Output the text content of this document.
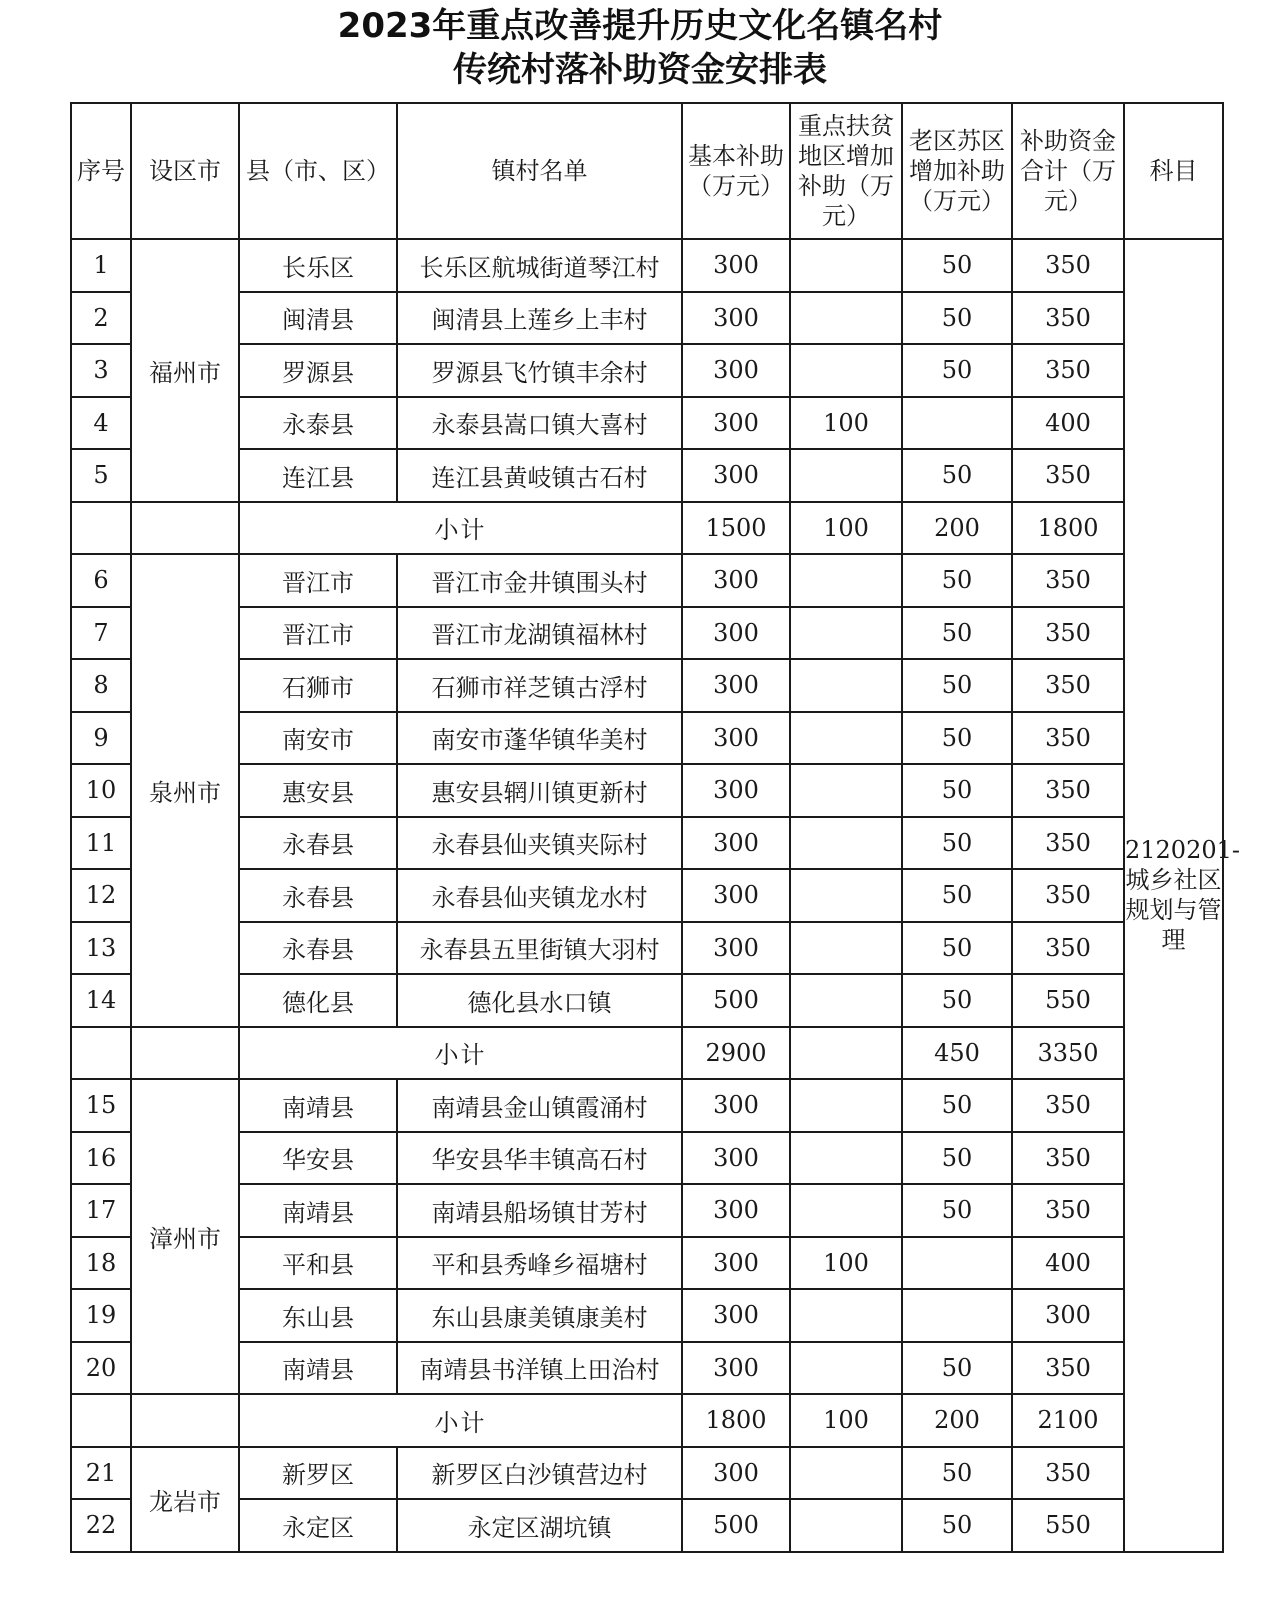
2023年重点改善提升历史文化名镇名村
传统村落补助资金安排表
序号	设区市	县（市、区）	镇村名单	基本补助（万元）	重点扶贫地区增加补助（万元）	老区苏区增加补助（万元）	补助资金合计（万元）	科目
1	福州市	长乐区	长乐区航城街道琴江村	300		50	350	2120201-城乡社区规划与管理
2		闽清县	闽清县上莲乡上丰村	300		50	350	
3		罗源县	罗源县飞竹镇丰余村	300		50	350	
4		永泰县	永泰县嵩口镇大喜村	300	100		400	
5		连江县	连江县黄岐镇古石村	300		50	350	
		小计		1500	100	200	1800	
6	泉州市	晋江市	晋江市金井镇围头村	300		50	350	
7		晋江市	晋江市龙湖镇福林村	300		50	350	
8		石狮市	石狮市祥芝镇古浮村	300		50	350	
9		南安市	南安市蓬华镇华美村	300		50	350	
10		惠安县	惠安县辋川镇更新村	300		50	350	
11		永春县	永春县仙夹镇夹际村	300		50	350	
12		永春县	永春县仙夹镇龙水村	300		50	350	
13		永春县	永春县五里街镇大羽村	300		50	350	
14		德化县	德化县水口镇	500		50	550	
		小计		2900		450	3350	
15	漳州市	南靖县	南靖县金山镇霞涌村	300		50	350	
16		华安县	华安县华丰镇高石村	300		50	350	
17		南靖县	南靖县船场镇甘芳村	300		50	350	
18		平和县	平和县秀峰乡福塘村	300	100		400	
19		东山县	东山县康美镇康美村	300			300	
20		南靖县	南靖县书洋镇上田治村	300		50	350	
		小计		1800	100	200	2100	
21	龙岩市	新罗区	新罗区白沙镇营边村	300		50	350	
22		永定区	永定区湖坑镇	500		50	550	
